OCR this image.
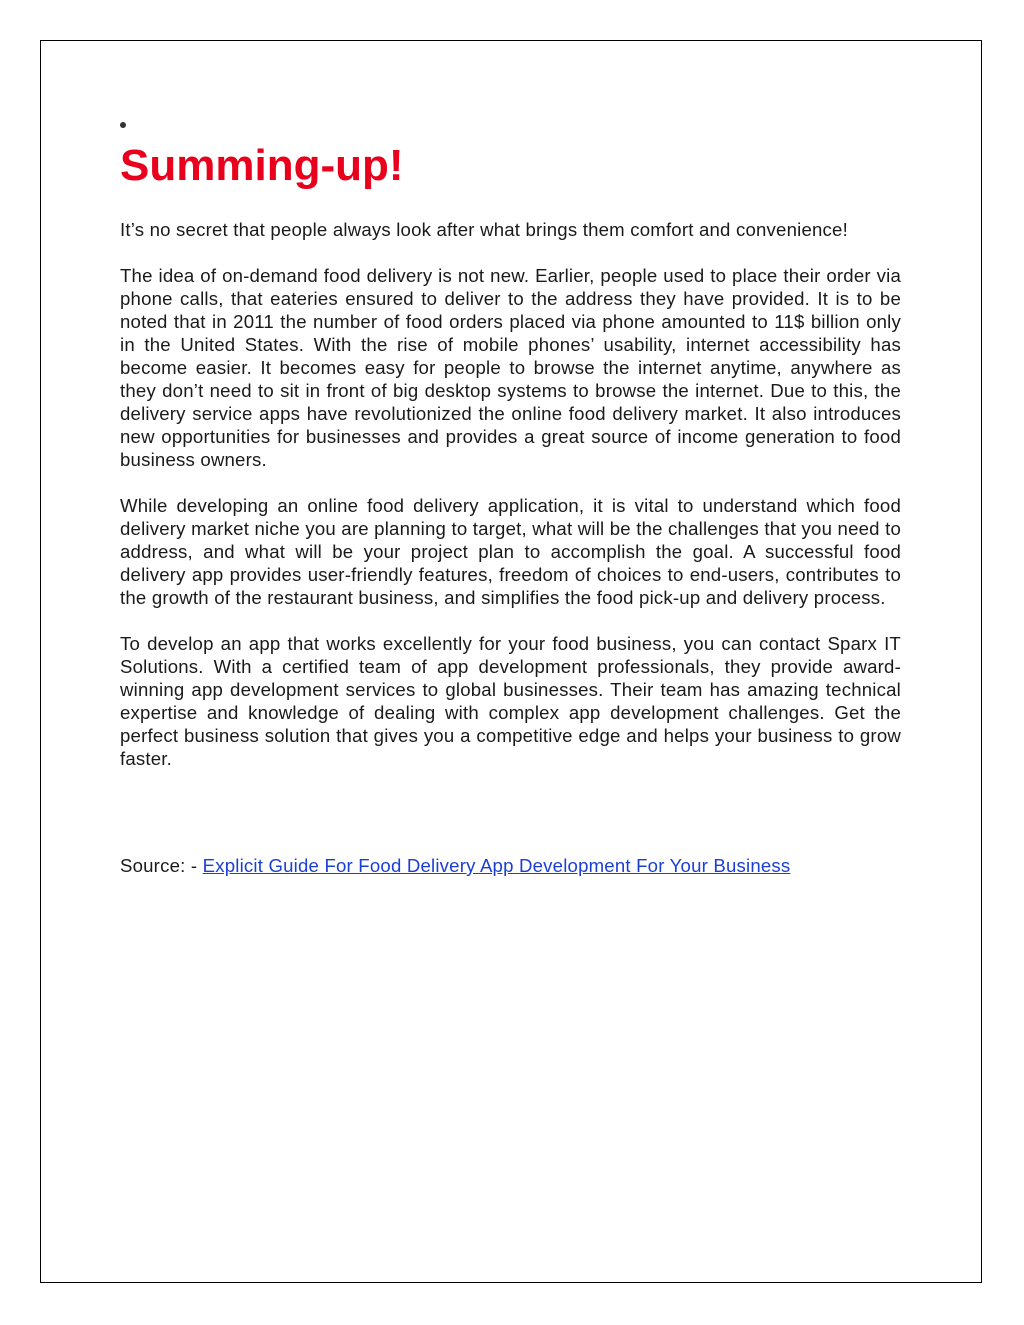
Summing-up!

It’s no secret that people always look after what brings them comfort and convenience!

The idea of on-demand food delivery is not new. Earlier, people used to place their order via phone calls, that eateries ensured to deliver to the address they have provided. It is to be noted that in 2011 the number of food orders placed via phone amounted to 11$ billion only in the United States. With the rise of mobile phones’ usability, internet accessibility has become easier. It becomes easy for people to browse the internet anytime, anywhere as they don’t need to sit in front of big desktop systems to browse the internet. Due to this, the delivery service apps have revolutionized the online food delivery market. It also introduces new opportunities for businesses and provides a great source of income generation to food business owners.

While developing an online food delivery application, it is vital to understand which food delivery market niche you are planning to target, what will be the challenges that you need to address, and what will be your project plan to accomplish the goal. A successful food delivery app provides user-friendly features, freedom of choices to end-users, contributes to the growth of the restaurant business, and simplifies the food pick-up and delivery process.

To develop an app that works excellently for your food business, you can contact Sparx IT Solutions. With a certified team of app development professionals, they provide award-winning app development services to global businesses. Their team has amazing technical expertise and knowledge of dealing with complex app development challenges. Get the perfect business solution that gives you a competitive edge and helps your business to grow faster.

Source: - Explicit Guide For Food Delivery App Development For Your Business
